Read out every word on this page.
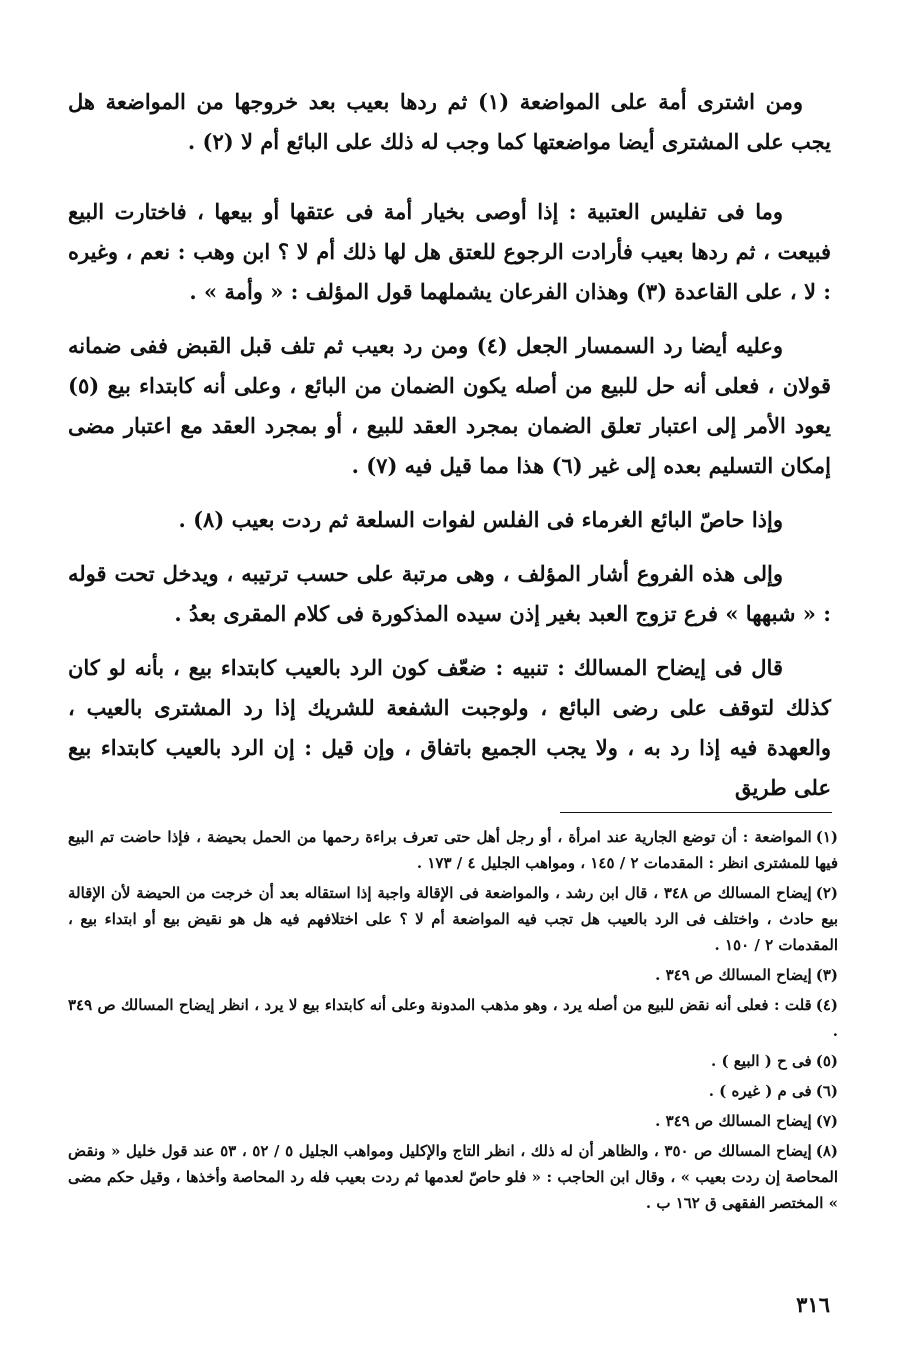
ومن اشترى أمة على المواضعة (١) ثم ردها بعيب بعد خروجها من المواضعة هل يجب على المشترى أيضا مواضعتها كما وجب له ذلك على البائع أم لا (٢) .

وما فى تفليس العتبية : إذا أوصى بخيار أمة فى عتقها أو بيعها ، فاختارت البيع فبيعت ، ثم ردها بعيب فأرادت الرجوع للعتق هل لها ذلك أم لا ؟ ابن وهب : نعم ، وغيره : لا ، على القاعدة (٣) وهذان الفرعان يشملهما قول المؤلف : « وأمة » .

وعليه أيضا رد السمسار الجعل (٤) ومن رد بعيب ثم تلف قبل القبض ففى ضمانه قولان ، فعلى أنه حل للبيع من أصله يكون الضمان من البائع ، وعلى أنه كابتداء بيع (٥) يعود الأمر إلى اعتبار تعلق الضمان بمجرد العقد للبيع ، أو بمجرد العقد مع اعتبار مضى إمكان التسليم بعده إلى غير (٦) هذا مما قيل فيه (٧) .

وإذا حاصّ البائع الغرماء فى الفلس لفوات السلعة ثم ردت بعيب (٨) .

وإلى هذه الفروع أشار المؤلف ، وهى مرتبة على حسب ترتيبه ، ويدخل تحت قوله : « شبهها » فرع تزوج العبد بغير إذن سيده المذكورة فى كلام المقرى بعدُ .

قال فى إيضاح المسالك : تنبيه : ضعّف كون الرد بالعيب كابتداء بيع ، بأنه لو كان كذلك لتوقف على رضى البائع ، ولوجبت الشفعة للشريك إذا رد المشترى بالعيب ، والعهدة فيه إذا رد به ، ولا يجب الجميع باتفاق ، وإن قيل : إن الرد بالعيب كابتداء بيع على طريق

(١)المواضعة : أن توضع الجارية عند امرأة ، أو رجل أهل حتى تعرف براءة رحمها من الحمل بحيضة ، فإذا حاضت تم البيع فيها للمشترى انظر : المقدمات ٢ / ١٤٥ ، ومواهب الجليل ٤ / ١٧٣ .
(٢)إيضاح المسالك ص ٣٤٨ ، قال ابن رشد ، والمواضعة فى الإقالة واجبة إذا استقاله بعد أن خرجت من الحيضة لأن الإقالة بيع حادث ، واختلف فى الرد بالعيب هل تجب فيه المواضعة أم لا ؟ على اختلافهم فيه هل هو نقيض بيع أو ابتداء بيع ، المقدمات ٢ / ١٥٠ .
(٣)إيضاح المسالك ص ٣٤٩ .
(٤)قلت : فعلى أنه نقض للبيع من أصله يرد ، وهو مذهب المدونة وعلى أنه كابتداء بيع لا يرد ، انظر إيضاح المسالك ص ٣٤٩ .
(٥)فى ح ( البيع ) .
(٦)فى م ( غيره ) .
(٧)إيضاح المسالك ص ٣٤٩ .
(٨)إيضاح المسالك ص ٣٥٠ ، والظاهر أن له ذلك ، انظر التاج والإكليل ومواهب الجليل ٥ / ٥٢ ، ٥٣ عند قول خليل « ونقض المحاصة إن ردت بعيب » ، وقال ابن الحاجب : « فلو حاصّ لعدمها ثم ردت بعيب فله رد المحاصة وأخذها ، وقيل حكم مضى » المختصر الفقهى ق ١٦٢ ب .
٣١٦
